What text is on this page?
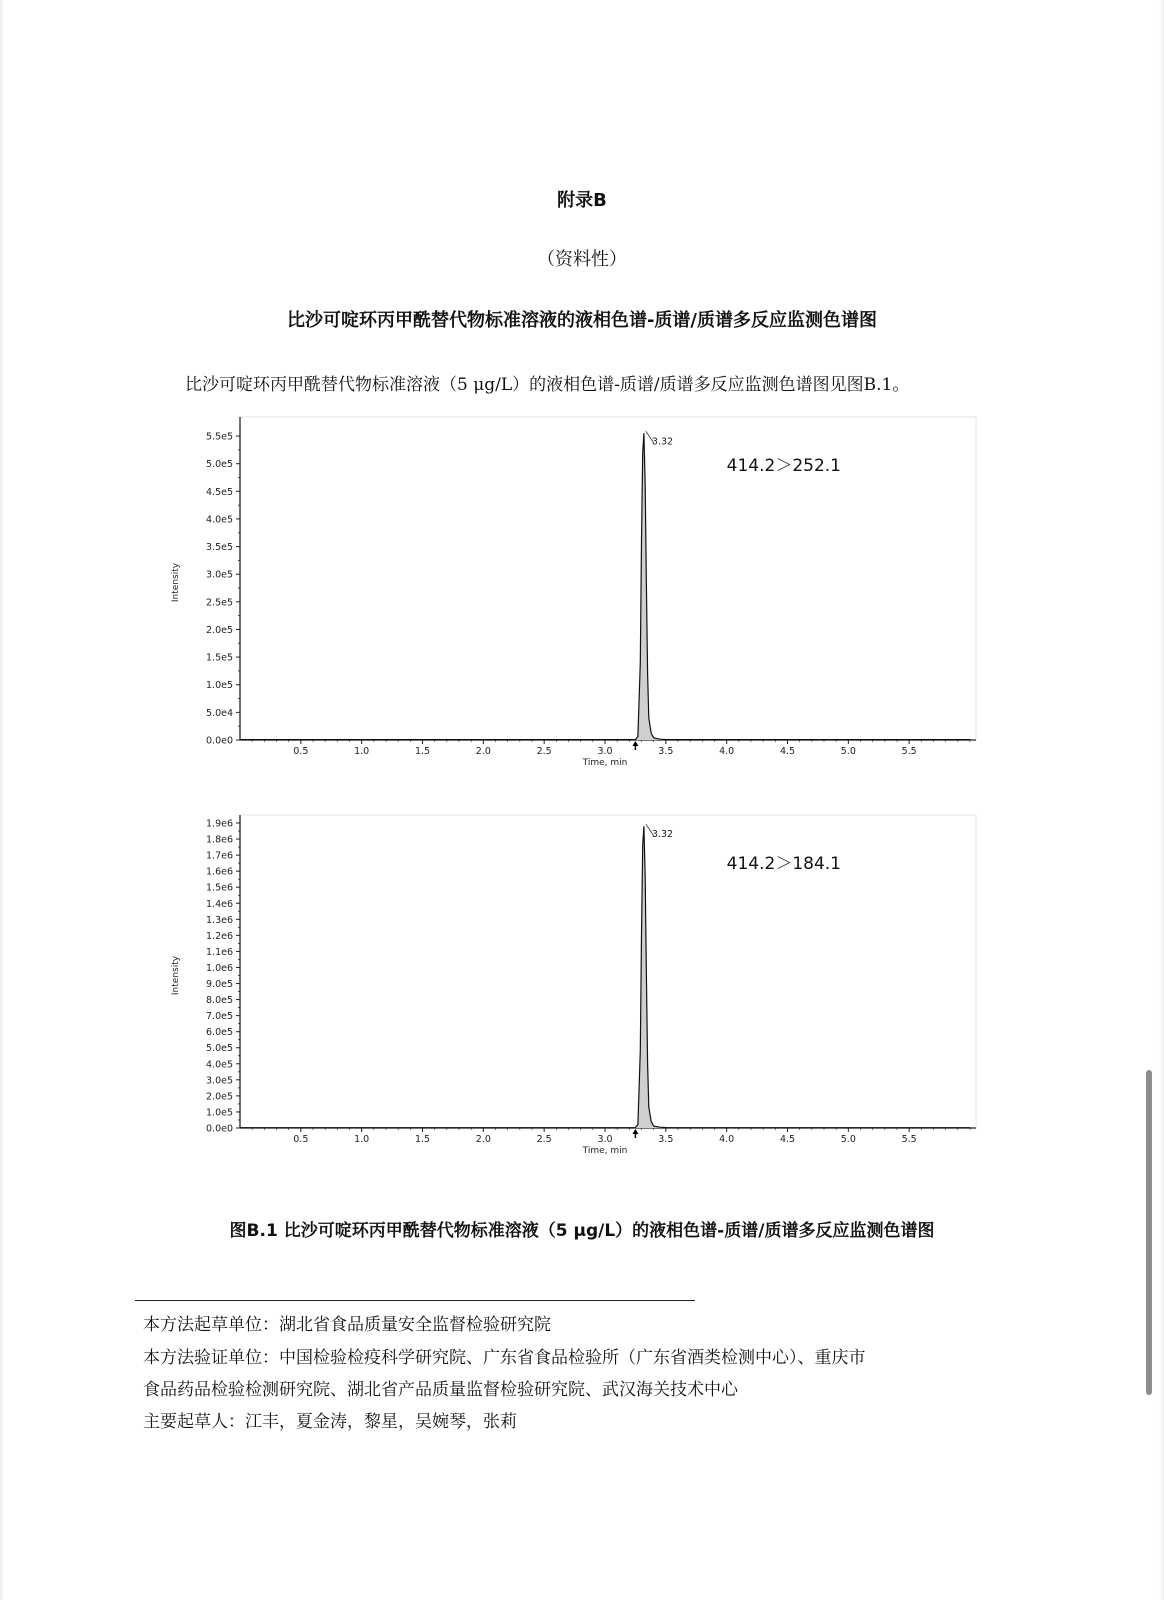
附录B
（资料性）
比沙可啶环丙甲酰替代物标准溶液的液相色谱-质谱/质谱多反应监测色谱图
比沙可啶环丙甲酰替代物标准溶液（5 μg/L）的液相色谱-质谱/质谱多反应监测色谱图见图B.1。
0.0e0
5.0e4
1.0e5
1.5e5
2.0e5
2.5e5
3.0e5
3.5e5
4.0e5
4.5e5
5.0e5
5.5e5
0.5	1.0	1.5	2.0	2.5	3.0	3.5	4.0	4.5	5.0	5.5
Time, min
Intensity
3.32
414.2＞252.1
0.0e0
1.0e5
2.0e5
3.0e5
4.0e5
5.0e5
6.0e5
7.0e5
8.0e5
9.0e5
1.0e6
1.1e6
1.2e6
1.3e6
1.4e6
1.5e6
1.6e6
1.7e6
1.8e6
1.9e6
0.5	1.0	1.5	2.0	2.5	3.0	3.5	4.0	4.5	5.0	5.5
Time, min
Intensity
3.32
414.2＞184.1
图B.1 比沙可啶环丙甲酰替代物标准溶液（5 μg/L）的液相色谱-质谱/质谱多反应监测色谱图
本方法起草单位：湖北省食品质量安全监督检验研究院
本方法验证单位：中国检验检疫科学研究院、广东省食品检验所（广东省酒类检测中心）、重庆市
食品药品检验检测研究院、湖北省产品质量监督检验研究院、武汉海关技术中心
主要起草人：江丰，夏金涛，黎星，吴婉琴，张莉
